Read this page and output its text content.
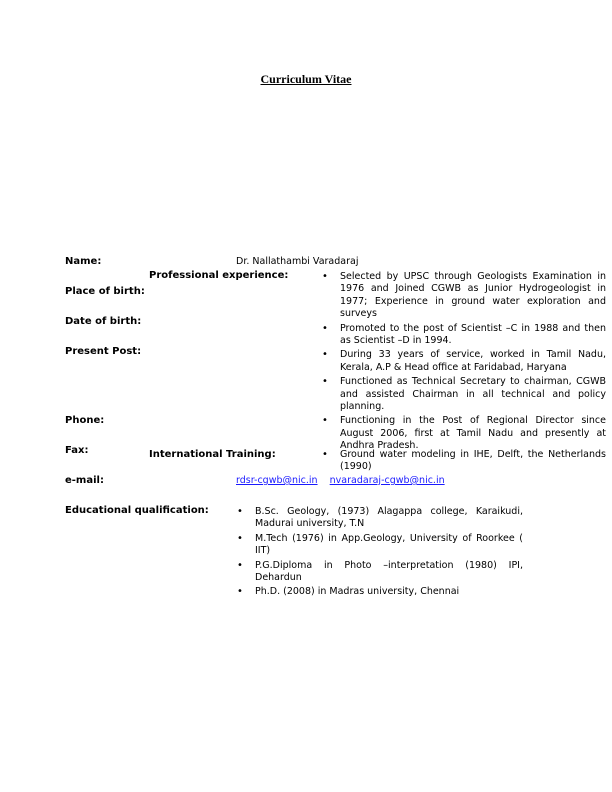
Curriculum Vitae
Name:
Place of birth:
Date of birth:
Present Post:
Phone:
Fax:
e-mail:
Educational qualification:
Professional experience:
International Training:
Dr. Nallathambi Varadaraj
rdsr-cgwb@nic.in nvaradaraj-cgwb@nic.in
• Selected by UPSC through Geologists Examination in 1976 and Joined CGWB as Junior Hydrogeologist in 1977; Experience in ground water exploration and surveys
• Promoted to the post of Scientist –C in 1988 and then as Scientist –D in 1994.
• During 33 years of service, worked in Tamil Nadu, Kerala, A.P & Head office at Faridabad, Haryana
• Functioned as Technical Secretary to chairman, CGWB and assisted Chairman in all technical and policy planning.
• Functioning in the Post of Regional Director since August 2006, first at Tamil Nadu and presently at Andhra Pradesh.
• Ground water modeling in IHE, Delft, the Netherlands (1990)
• B.Sc. Geology, (1973) Alagappa college, Karaikudi, Madurai university, T.N
• M.Tech (1976) in App.Geology, University of Roorkee ( IIT)
• P.G.Diploma in Photo –interpretation (1980) IPI, Dehardun
• Ph.D. (2008) in Madras university, Chennai
